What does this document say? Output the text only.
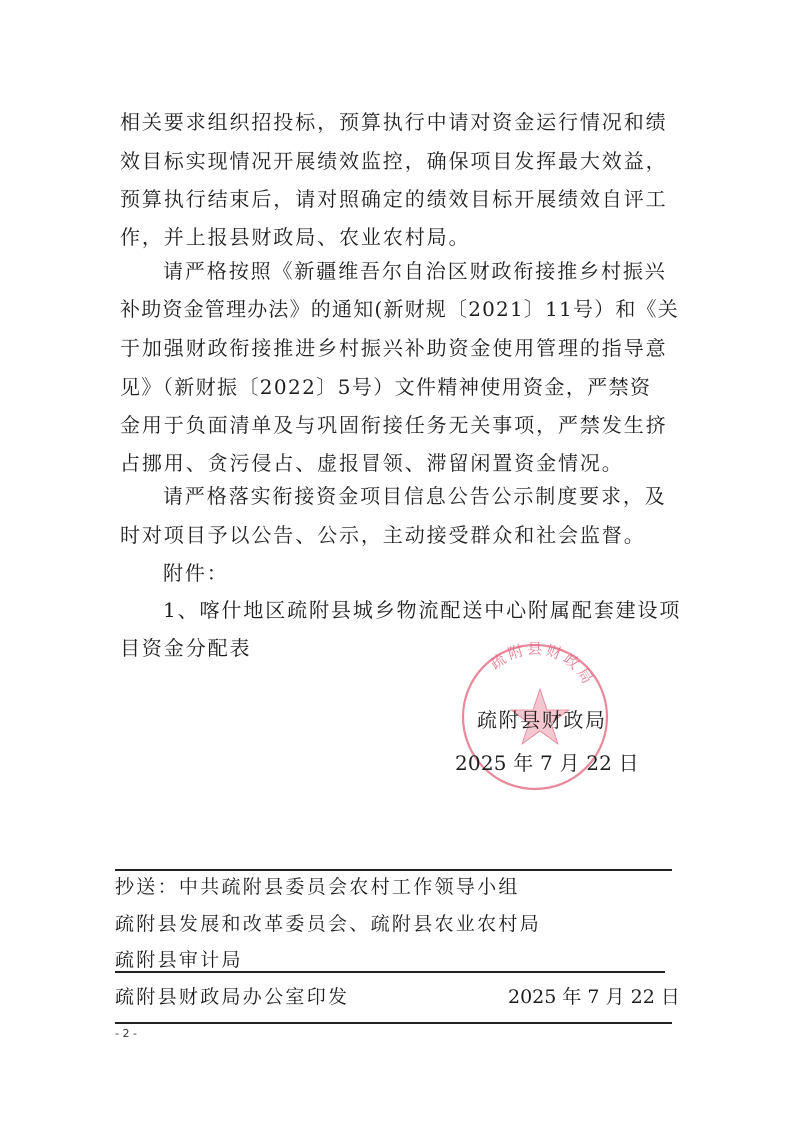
相关要求组织招投标，预算执行中请对资金运行情况和绩
效目标实现情况开展绩效监控，确保项目发挥最大效益，
预算执行结束后，请对照确定的绩效目标开展绩效自评工
作，并上报县财政局、农业农村局。
请严格按照《新疆维吾尔自治区财政衔接推乡村振兴
补助资金管理办法》的通知(新财规〔2021〕11号）和《关
于加强财政衔接推进乡村振兴补助资金使用管理的指导意
见》（新财振〔2022〕5号）文件精神使用资金，严禁资
金用于负面清单及与巩固衔接任务无关事项，严禁发生挤
占挪用、贪污侵占、虚报冒领、滞留闲置资金情况。
请严格落实衔接资金项目信息公告公示制度要求，及
时对项目予以公告、公示，主动接受群众和社会监督。
附件：
1、喀什地区疏附县城乡物流配送中心附属配套建设项
目资金分配表
疏附县财政局
疏附县财政局
2025 年 7 月 22 日
抄送：中共疏附县委员会农村工作领导小组
疏附县发展和改革委员会、疏附县农业农村局
疏附县审计局
疏附县财政局办公室印发	2025 年 7 月 22 日
- 2 -
